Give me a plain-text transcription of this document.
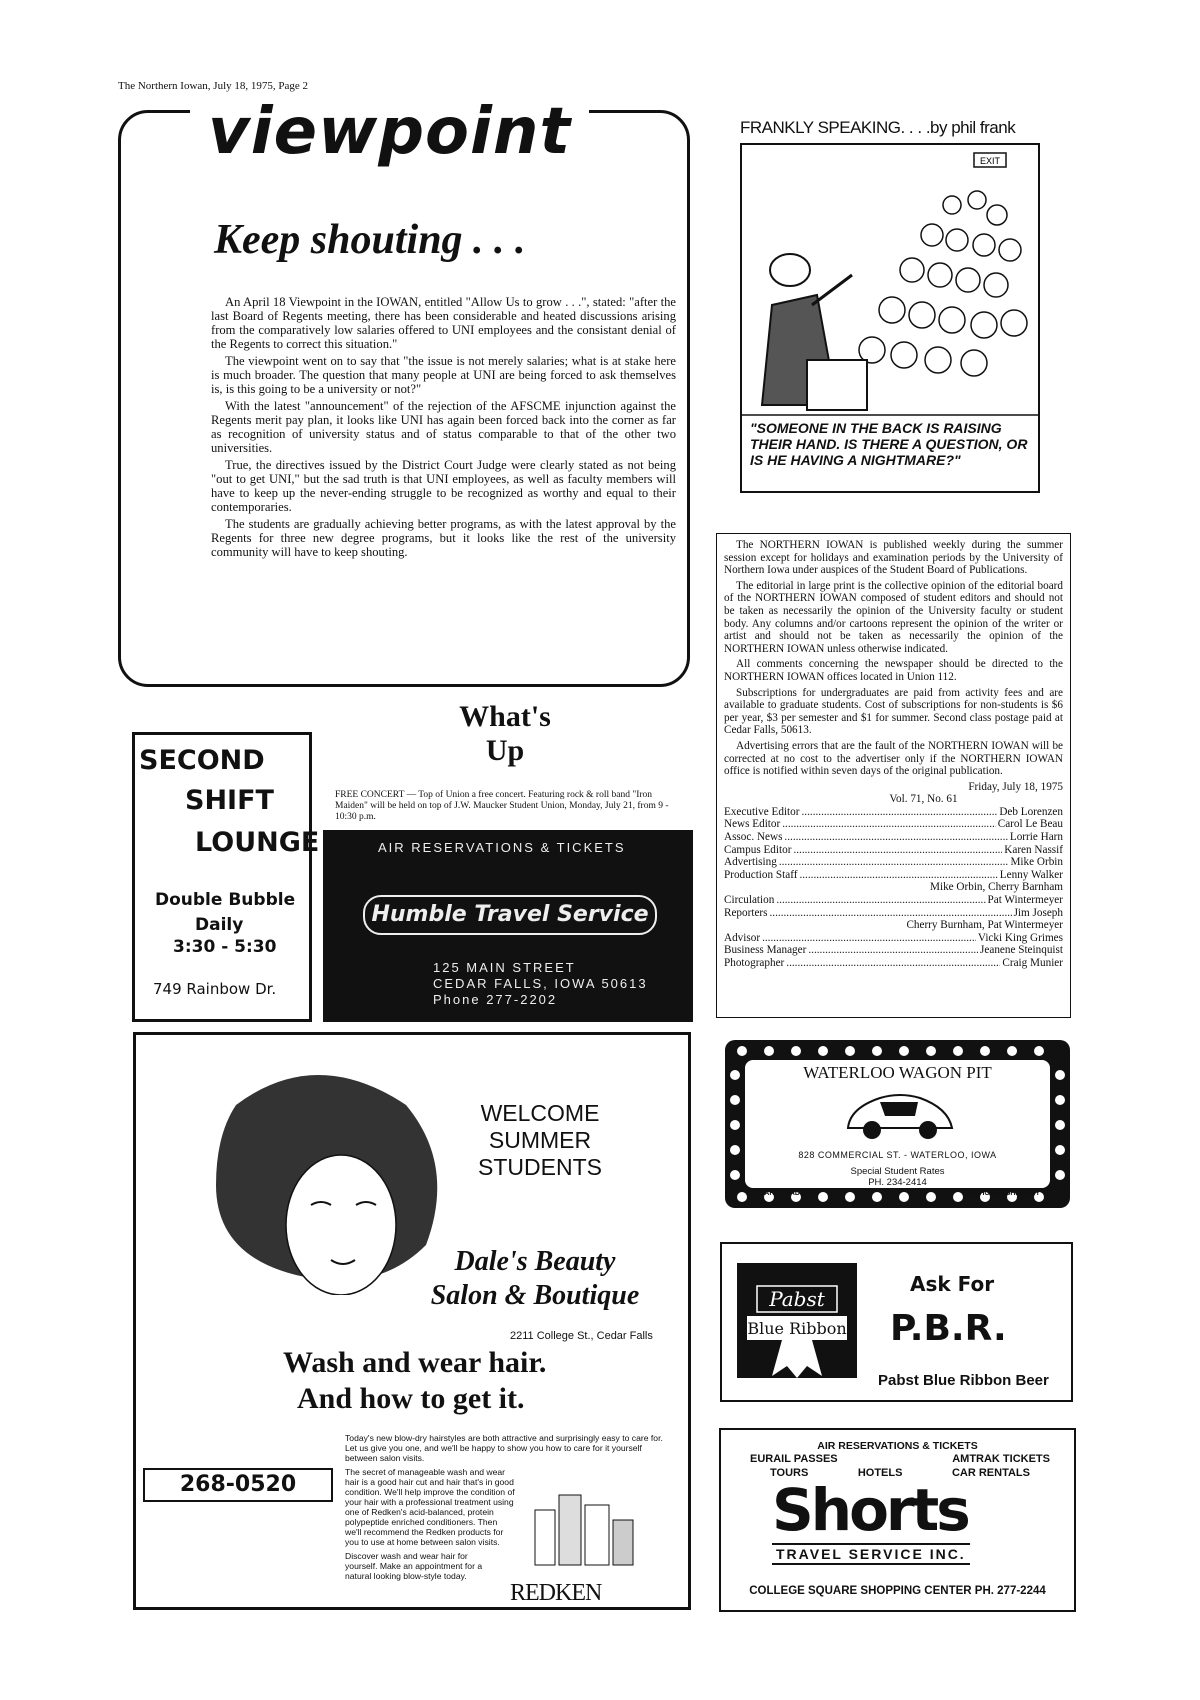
The Northern Iowan, July 18, 1975, Page 2
viewpoint
Keep shouting . . .

An April 18 Viewpoint in the IOWAN, entitled "Allow Us to grow . . .", stated: "after the last Board of Regents meeting, there has been considerable and heated discussions arising from the comparatively low salaries offered to UNI employees and the consistant denial of the Regents to correct this situation."

The viewpoint went on to say that "the issue is not merely salaries; what is at stake here is much broader. The question that many people at UNI are being forced to ask themselves is, is this going to be a university or not?"

With the latest "announcement" of the rejection of the AFSCME injunction against the Regents merit pay plan, it looks like UNI has again been forced back into the corner as far as recognition of university status and of status comparable to that of the other two universities.

True, the directives issued by the District Court Judge were clearly stated as not being "out to get UNI," but the sad truth is that UNI employees, as well as faculty members will have to keep up the never-ending struggle to be recognized as worthy and equal to their contemporaries.

The students are gradually achieving better programs, as with the latest approval by the Regents for three new degree programs, but it looks like the rest of the university community will have to keep shouting.

FRANKLY SPEAKING. . . .by phil frank
EXIT
"SOMEONE IN THE BACK IS RAISING THEIR HAND. IS THERE A QUESTION, OR IS HE HAVING A NIGHTMARE?"

The NORTHERN IOWAN is published weekly during the summer session except for holidays and examination periods by the University of Northern Iowa under auspices of the Student Board of Publications.

The editorial in large print is the collective opinion of the editorial board of the NORTHERN IOWAN composed of student editors and should not be taken as necessarily the opinion of the University faculty or student body. Any columns and/or cartoons represent the opinion of the writer or artist and should not be taken as necessarily the opinion of the NORTHERN IOWAN unless otherwise indicated.

All comments concerning the newspaper should be directed to the NORTHERN IOWAN offices located in Union 112.

Subscriptions for undergraduates are paid from activity fees and are available to graduate students. Cost of subscriptions for non-students is $6 per year, $3 per semester and $1 for summer. Second class postage paid at Cedar Falls, 50613.

Advertising errors that are the fault of the NORTHERN IOWAN will be corrected at no cost to the advertiser only if the NORTHERN IOWAN office is notified within seven days of the original publication.

Friday, July 18, 1975
Vol. 71, No. 61
Executive Editor .....	Deb Lorenzen
News Editor .....	Carol Le Beau
Assoc. News .....	Lorrie Harn
Campus Editor .....	Karen Nassif
Advertising .....	Mike Orbin
Production Staff .....	Lenny Walker
Mike Orbin, Cherry Barnham
Circulation .....	Pat Wintermeyer
Reporters .....	Jim Joseph
Cherry Burnham, Pat Wintermeyer
Advisor .....	Vicki King Grimes
Business Manager .....	Jeanene Steinquist
Photographer .....	Craig Munier
SECOND
SHIFT
LOUNGE
Double Bubble
Daily
3:30 - 5:30
749 Rainbow Dr.
What's
Up
FREE CONCERT — Top of Union a free concert. Featuring rock & roll band "Iron Maiden" will be held on top of J.W. Maucker Student Union, Monday, July 21, from 9 - 10:30 p.m.
AIR RESERVATIONS & TICKETS
Humble Travel Service
125 MAIN STREET
CEDAR FALLS, IOWA 50613
Phone 277-2202
WELCOME SUMMER STUDENTS
Dale's Beauty
Salon & Boutique
2211 College St., Cedar Falls
Wash and wear hair.
And how to get it.
268-0520

Today's new blow-dry hairstyles are both attractive and surprisingly easy to care for. Let us give you one, and we'll be happy to show you how to care for it yourself between salon visits.

The secret of manageable wash and wear hair is a good hair cut and hair that's in good condition. We'll help improve the condition of your hair with a professional treatment using one of Redken's acid-balanced, protein polypeptide enriched conditioners. Then we'll recommend the Redken products for you to use at home between salon visits.

Discover wash and wear hair for yourself. Make an appointment for a natural looking blow-style today.

REDKEN
WATERLOO WAGON PIT
828 COMMERCIAL ST. - WATERLOO, IOWA
Special Student Rates
PH. 234-2414
LARRY PADDEN	NICHOLAS SHARKEY
Pabst
Blue Ribbon
Ask For
P.B.R.
Pabst Blue Ribbon Beer
AIR RESERVATIONS & TICKETS
EURAIL PASSES	AMTRAK TICKETS
TOURS	HOTELS	CAR RENTALS
Shorts
TRAVEL SERVICE INC.
COLLEGE SQUARE SHOPPING CENTER PH. 277-2244
